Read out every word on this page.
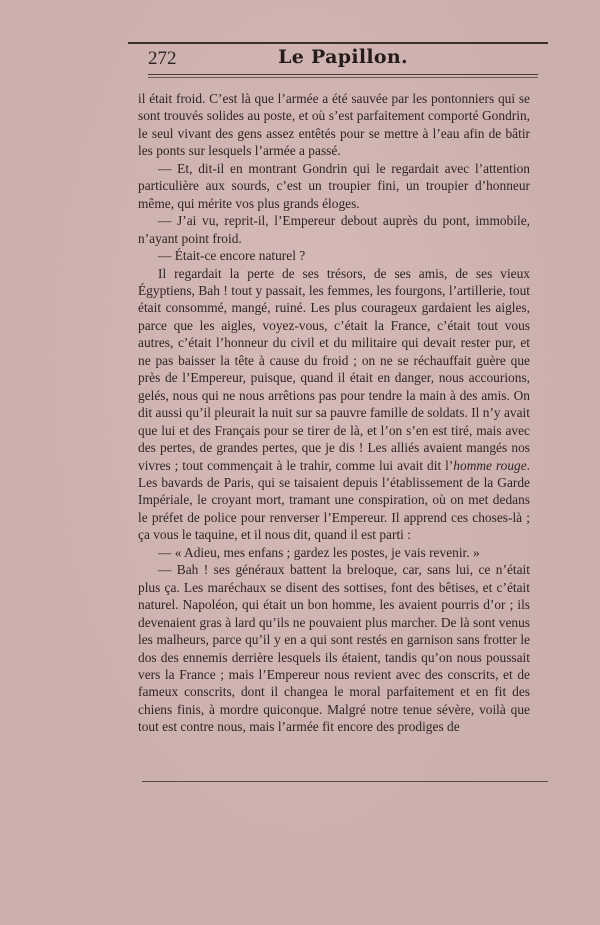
272	Le Papillon.

il était froid. C’est là que l’armée a été sauvée par les pontonniers qui se sont trouvés solides au poste, et où s’est parfaitement comporté Gondrin, le seul vivant des gens assez entêtés pour se mettre à l’eau afin de bâtir les ponts sur lesquels l’armée a passé.

— Et, dit-il en montrant Gondrin qui le regardait avec l’attention particulière aux sourds, c’est un troupier fini, un troupier d’honneur même, qui mérite vos plus grands éloges.

— J’ai vu, reprit-il, l’Empereur debout auprès du pont, immobile, n’ayant point froid.

— Était-ce encore naturel ?

Il regardait la perte de ses trésors, de ses amis, de ses vieux Égyptiens, Bah ! tout y passait, les femmes, les fourgons, l’artillerie, tout était consommé, mangé, ruiné. Les plus courageux gardaient les aigles, parce que les aigles, voyez-vous, c’était la France, c’était tout vous autres, c’était l’honneur du civil et du militaire qui devait rester pur, et ne pas baisser la tête à cause du froid ; on ne se réchauffait guère que près de l’Empereur, puisque, quand il était en danger, nous accourions, gelés, nous qui ne nous arrêtions pas pour tendre la main à des amis. On dit aussi qu’il pleurait la nuit sur sa pauvre famille de soldats. Il n’y avait que lui et des Français pour se tirer de là, et l’on s’en est tiré, mais avec des pertes, de grandes pertes, que je dis ! Les alliés avaient mangés nos vivres ; tout commençait à le trahir, comme lui avait dit l’homme rouge. Les bavards de Paris, qui se taisaient depuis l’établissement de la Garde Impériale, le croyant mort, tramant une conspiration, où on met dedans le préfet de police pour renverser l’Empereur. Il apprend ces choses-là ; ça vous le taquine, et il nous dit, quand il est parti :

— « Adieu, mes enfans ; gardez les postes, je vais revenir. »

— Bah ! ses généraux battent la breloque, car, sans lui, ce n’était plus ça. Les maréchaux se disent des sottises, font des bêtises, et c’était naturel. Napoléon, qui était un bon homme, les avaient pourris d’or ; ils devenaient gras à lard qu’ils ne pouvaient plus marcher. De là sont venus les malheurs, parce qu’il y en a qui sont restés en garnison sans frotter le dos des ennemis derrière lesquels ils étaient, tandis qu’on nous poussait vers la France ; mais l’Empereur nous revient avec des conscrits, et de fameux conscrits, dont il changea le moral parfaitement et en fit des chiens finis, à mordre quiconque. Malgré notre tenue sévère, voilà que tout est contre nous, mais l’armée fit encore des prodiges de
